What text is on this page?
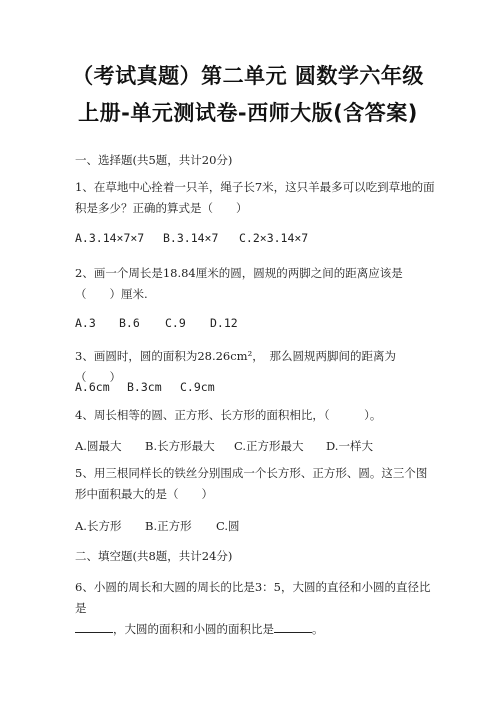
（考试真题）第二单元 圆数学六年级
上册-单元测试卷-西师大版(含答案)
一、选择题(共5题，共计20分)
1、在草地中心拴着一只羊，绳子长7米，这只羊最多可以吃到草地的面积是多少？正确的算式是（　　）
A.3.14×7×7 B.3.14×7 C.2×3.14×7
2、画一个周长是18.84厘米的圆，圆规的两脚之间的距离应该是（　　）厘米.
A.3 B.6 C.9 D.12
3、画圆时，圆的面积为28.26cm²，　那么圆规两脚间的距离为（　　）
A.6cm B.3cm C.9cm
4、周长相等的圆、正方形、长方形的面积相比，（　　　）。
A.圆最大 B.长方形最大 C.正方形最大 D.一样大
5、用三根同样长的铁丝分别围成一个长方形、正方形、圆。这三个图形中面积最大的是（　　）
A.长方形 B.正方形 C.圆
二、填空题(共8题，共计24分)
6、小圆的周长和大圆的周长的比是3：5，大圆的直径和小圆的直径比是
，大圆的面积和小圆的面积比是	。
